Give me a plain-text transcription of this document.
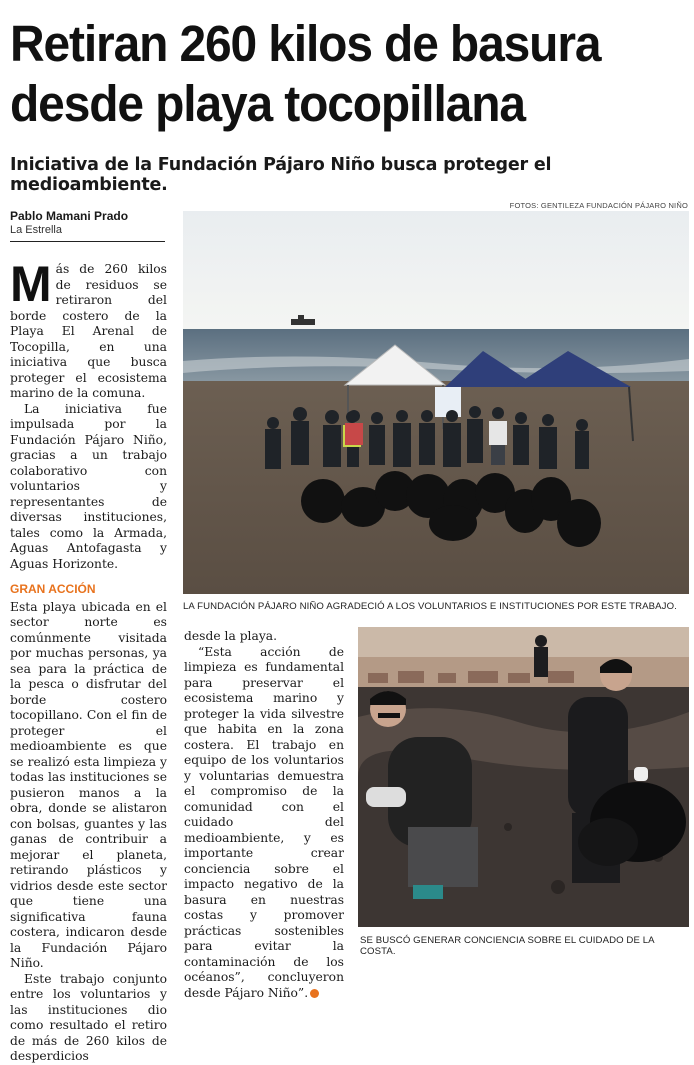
Retiran 260 kilos de basura desde playa tocopillana
Iniciativa de la Fundación Pájaro Niño busca proteger el medioambiente.
FOTOS: GENTILEZA FUNDACIÓN PÁJARO NIÑO
Pablo Mamani Prado
La Estrella

Más de 260 kilos de residuos se retiraron del borde costero de la Playa El Arenal de Tocopilla, en una iniciativa que busca proteger el ecosistema marino de la comuna.

La iniciativa fue impulsada por la Fundación Pájaro Niño, gracias a un trabajo colaborativo con voluntarios y representantes de diversas instituciones, tales como la Armada, Aguas Antofagasta y Aguas Horizonte.

GRAN ACCIÓN

Esta playa ubicada en el sector norte es comúnmente visitada por muchas personas, ya sea para la práctica de la pesca o disfrutar del borde costero tocopillano. Con el fin de proteger el medioambiente es que se realizó esta limpieza y todas las instituciones se pusieron manos a la obra, donde se alistaron con bolsas, guantes y las ganas de contribuir a mejorar el planeta, retirando plásticos y vidrios desde este sector que tiene una significativa fauna costera, indicaron desde la Fundación Pájaro Niño.

Este trabajo conjunto entre los voluntarios y las instituciones dio como resultado el retiro de más de 260 kilos de desperdicios

desde la playa.

“Esta acción de limpieza es fundamental para preservar el ecosistema marino y proteger la vida silvestre que habita en la zona costera. El trabajo en equipo de los voluntarios y voluntarias demuestra el compromiso de la comunidad con el cuidado del medioambiente, y es importante crear conciencia sobre el impacto negativo de la basura en nuestras costas y promover prácticas sostenibles para evitar la contaminación de los océanos”, concluyeron desde Pájaro Niño”.

LA FUNDACIÓN PÁJARO NIÑO AGRADECIÓ A LOS VOLUNTARIOS E INSTITUCIONES POR ESTE TRABAJO.
SE BUSCÓ GENERAR CONCIENCIA SOBRE EL CUIDADO DE LA COSTA.
